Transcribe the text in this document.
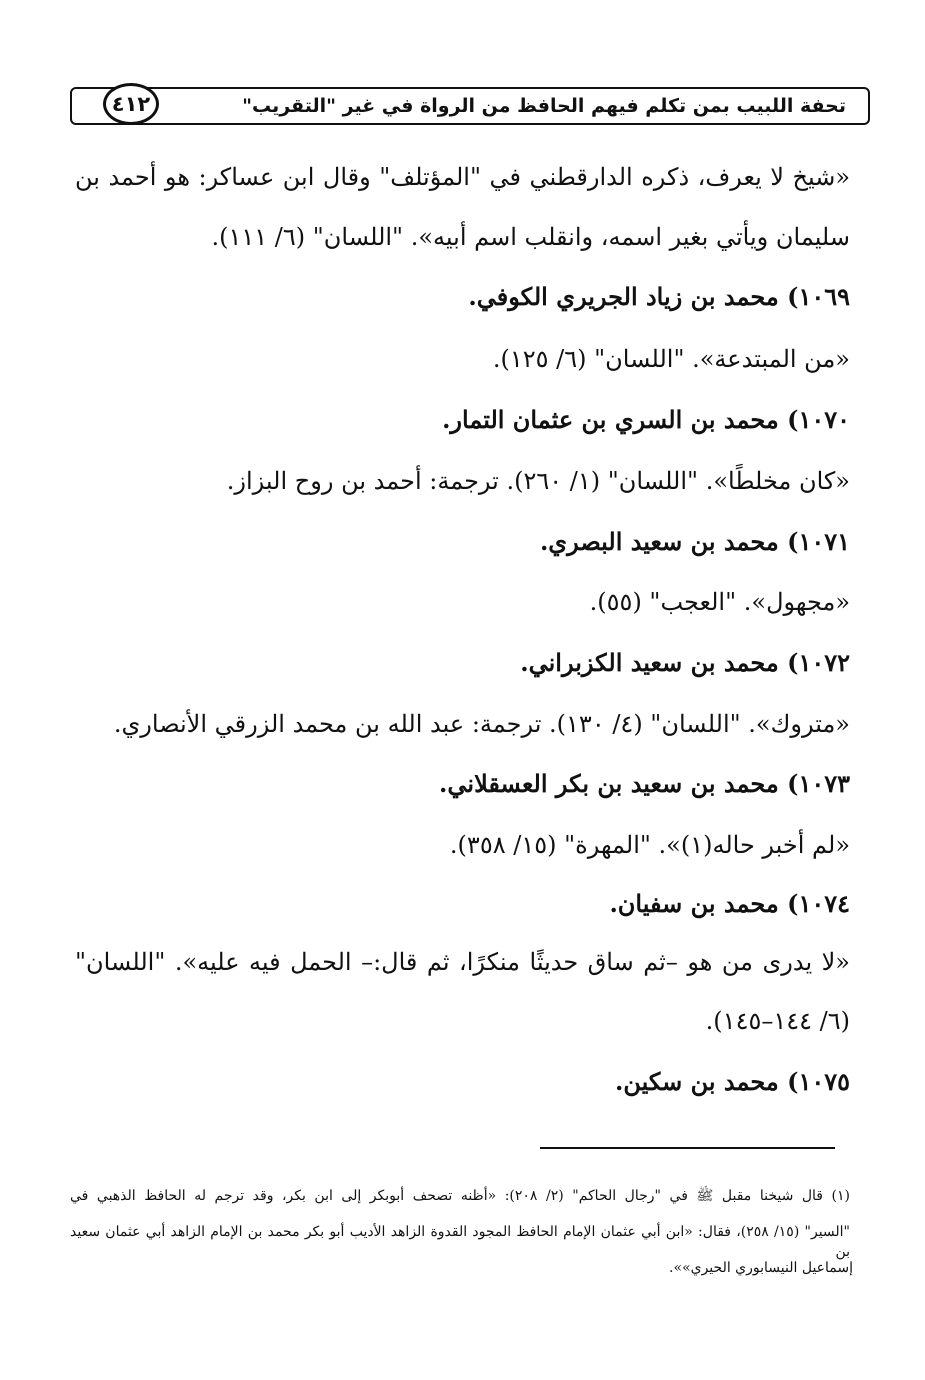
٤١٢	تحفة اللبيب بمن تكلم فيهم الحافظ من الرواة في غير "التقريب"
«شيخ لا يعرف، ذكره الدارقطني في "المؤتلف" وقال ابن عساكر: هو أحمد بن
سليمان ويأتي بغير اسمه، وانقلب اسم أبيه». "اللسان" (٦/ ١١١).
١٠٦٩) محمد بن زياد الجريري الكوفي.
«من المبتدعة». "اللسان" (٦/ ١٢٥).
١٠٧٠) محمد بن السري بن عثمان التمار.
«كان مخلطًا». "اللسان" (١/ ٢٦٠). ترجمة: أحمد بن روح البزاز.
١٠٧١) محمد بن سعيد البصري.
«مجهول». "العجب" (٥٥).
١٠٧٢) محمد بن سعيد الكزبراني.
«متروك». "اللسان" (٤/ ١٣٠). ترجمة: عبد الله بن محمد الزرقي الأنصاري.
١٠٧٣) محمد بن سعيد بن بكر العسقلاني.
«لم أخبر حاله(١)». "المهرة" (١٥/ ٣٥٨).
١٠٧٤) محمد بن سفيان.
«لا يدرى من هو –ثم ساق حديثًا منكرًا، ثم قال:– الحمل فيه عليه». "اللسان"
(٦/ ١٤٤–١٤٥).
١٠٧٥) محمد بن سكين.
(١) قال شيخنا مقبل ﷺ في "رجال الحاكم" (٢/ ٢٠٨): «أظنه تصحف أبوبكر إلى ابن بكر، وقد ترجم له الحافظ الذهبي في
"السير" (١٥/ ٢٥٨)، فقال: «ابن أبي عثمان الإمام الحافظ المجود القدوة الزاهد الأديب أبو بكر محمد بن الإمام الزاهد أبي عثمان سعيد بن
إسماعيل النيسابوري الحيري»».
